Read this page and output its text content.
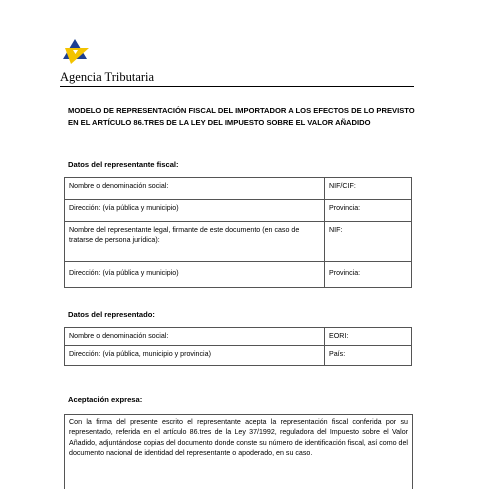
Agencia Tributaria
MODELO DE REPRESENTACIÓN FISCAL DEL IMPORTADOR A LOS EFECTOS DE LO PREVISTO EN EL ARTÍCULO 86.TRES DE LA LEY DEL IMPUESTO SOBRE EL VALOR AÑADIDO
Datos del representante fiscal:
Nombre o denominación social:	NIF/CIF:
Dirección: (vía pública y municipio)	Provincia:
Nombre del representante legal, firmante de este documento (en caso de tratarse de persona jurídica):	NIF:
Dirección: (vía pública y municipio)	Provincia:
Datos del representado:
Nombre o denominación social:	EORI:
Dirección: (vía pública, municipio y provincia)	País:
Aceptación expresa:
Con la firma del presente escrito el representante acepta la representación fiscal conferida por su representado, referida en el artículo 86.tres de la Ley 37/1992, reguladora del Impuesto sobre el Valor Añadido, adjuntándose copias del documento donde conste su número de identificación fiscal, así como del documento nacional de identidad del representante o apoderado, en su caso.
